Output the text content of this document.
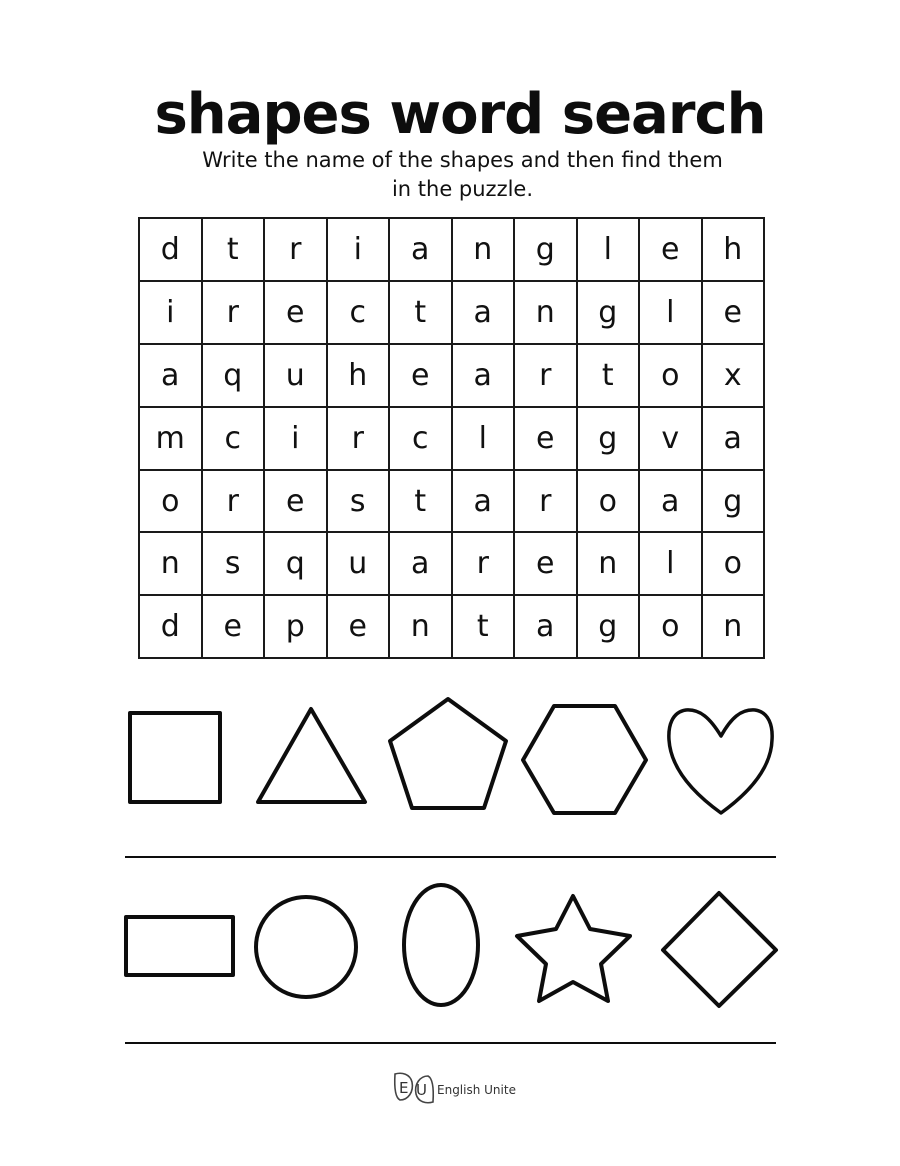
shapes word search
Write the name of the shapes and then find them
in the puzzle.
d	t	r	i	a	n	g	l	e	h
i	r	e	c	t	a	n	g	l	e
a	q	u	h	e	a	r	t	o	x
m	c	i	r	c	l	e	g	v	a
o	r	e	s	t	a	r	o	a	g
n	s	q	u	a	r	e	n	l	o
d	e	p	e	n	t	a	g	o	n
E U English Unite
